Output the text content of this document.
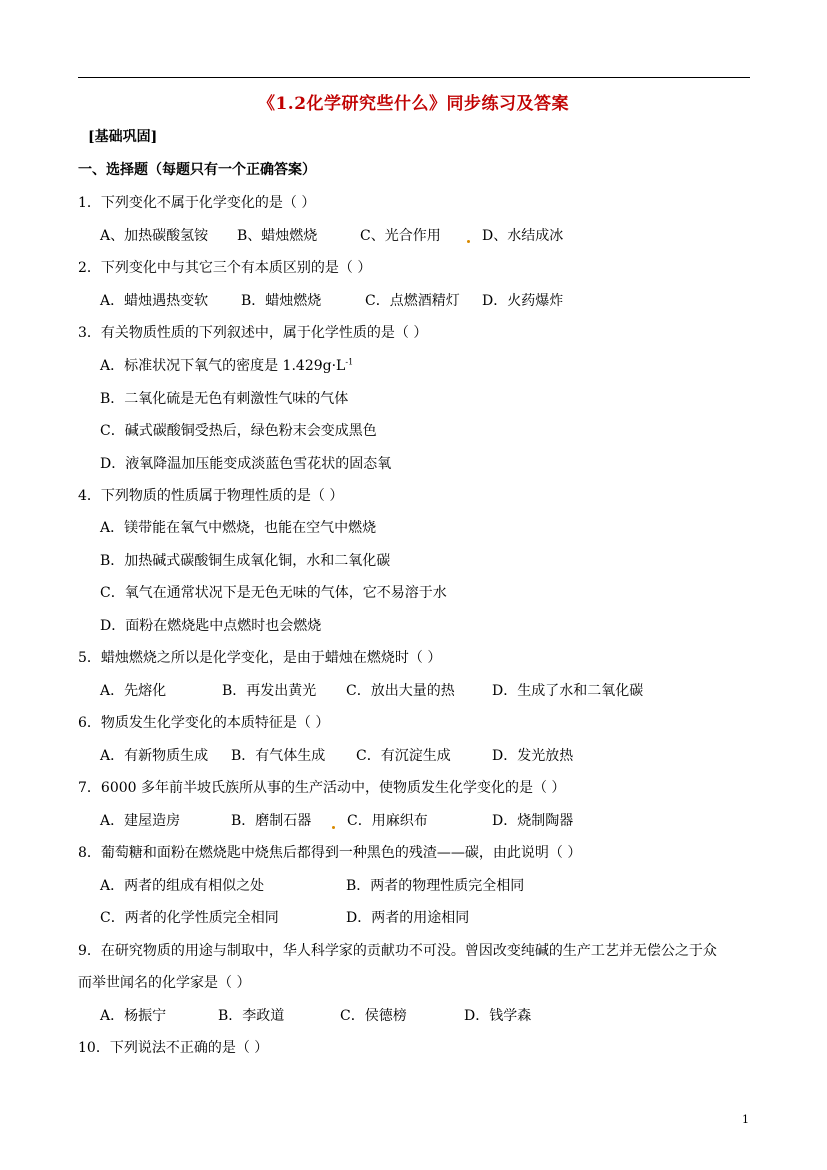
《1.2化学研究些什么》同步练习及答案
[基础巩固]
一、选择题（每题只有一个正确答案）
1．下列变化不属于化学变化的是（ ）
A、加热碳酸氢铵 B、蜡烛燃烧	C、光合作用	D、水结成冰
2．下列变化中与其它三个有本质区别的是（ ）
A．蜡烛遇热变软 B．蜡烛燃烧	C．点燃酒精灯 D．火药爆炸
3．有关物质性质的下列叙述中，属于化学性质的是（ ）
A．标准状况下氧气的密度是 $1.429g\cdot L^{-1}$
B．二氧化硫是无色有刺激性气味的气体
C．碱式碳酸铜受热后，绿色粉末会变成黑色
D．液氧降温加压能变成淡蓝色雪花状的固态氧
4．下列物质的性质属于物理性质的是（ ）
A．镁带能在氧气中燃烧，也能在空气中燃烧
B．加热碱式碳酸铜生成氧化铜，水和二氧化碳
C．氧气在通常状况下是无色无味的气体，它不易溶于水
D．面粉在燃烧匙中点燃时也会燃烧
5．蜡烛燃烧之所以是化学变化，是由于蜡烛在燃烧时（ ）
A．先熔化	B．再发出黄光 C．放出大量的热	D．生成了水和二氧化碳
6．物质发生化学变化的本质特征是（ ）
A．有新物质生成 B．有气体生成 C．有沉淀生成	D．发光放热
7．6000 多年前半坡氏族所从事的生产活动中，使物质发生化学变化的是（ ）
A．建屋造房	B．磨制石器	C．用麻织布	D．烧制陶器
8．葡萄糖和面粉在燃烧匙中烧焦后都得到一种黑色的残渣——碳，由此说明（ ）
A．两者的组成有相似之处	B．两者的物理性质完全相同
C．两者的化学性质完全相同	D．两者的用途相同
9．在研究物质的用途与制取中，华人科学家的贡献功不可没。曾因改变纯碱的生产工艺并无偿公之于众
而举世闻名的化学家是（ ）
A．杨振宁	B．李政道	C．侯德榜	D．钱学森
10．下列说法不正确的是（ ）
1
